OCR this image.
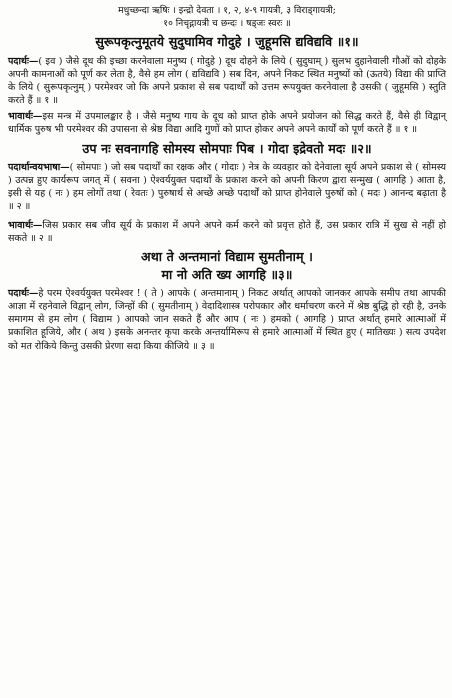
मधुच्छन्दा ऋषिः । इन्द्रो देवता । १, २, ४-९ गायत्री, ३ विराड्गायत्री;
१० निचृद्गायत्री च छन्दः । षड्जः स्वरः ॥
सुरूपकृत्नुमूतये सुदुघामिव गोदुहे । जुहूमसि द्यविद्यवि ॥१॥
पदार्थः—( इव ) जैसे दूध की इच्छा करनेवाला मनुष्य ( गोदुहे ) दूध दोहने के लिये ( सुदुघाम् ) सुलभ दुहानेवाली गौओं को दोहके अपनी कामनाओं को पूर्ण कर लेता है, वैसे हम लोग ( द्यविद्यवि ) सब दिन, अपने निकट स्थित मनुष्यों को (ऊतये) विद्या की प्राप्ति के लिये ( सुरूपकृत्नुम् ) परमेश्वर जो कि अपने प्रकाश से सब पदार्थों को उत्तम रूपयुक्त करनेवाला है उसकी ( जुहूमसि ) स्तुति करते हैं ॥ १ ॥
भावार्थः—इस मन्त्र में उपमालङ्कार है । जैसे मनुष्य गाय के दूध को प्राप्त होके अपने प्रयोजन को सिद्ध करते हैं, वैसे ही विद्वान् धार्मिक पुरुष भी परमेश्वर की उपासना से श्रेष्ठ विद्या आदि गुणों को प्राप्त होकर अपने अपने कार्यों को पूर्ण करते हैं ॥ १ ॥
उप नः सवनागहि सोमस्य सोमपाः पिब । गोदा इद्रेवतो मदः ॥२॥
पदार्थान्वयभाषा—( सोमपाः ) जो सब पदार्थों का रक्षक और ( गोदाः ) नेत्र के व्यवहार को देनेवाला सूर्य अपने प्रकाश से ( सोमस्य ) उत्पन्न हुए कार्यरूप जगत् में ( सवना ) ऐश्वर्ययुक्त पदार्थों के प्रकाश करने को अपनी किरण द्वारा सन्मुख ( आगहि ) आता है, इसी से यह ( नः ) हम लोगों तथा ( रेवतः ) पुरुषार्थ से अच्छे अच्छे पदार्थों को प्राप्त होनेवाले पुरुषों को ( मदः ) आनन्द बढ़ाता है ॥ २ ॥
भावार्थः—जिस प्रकार सब जीव सूर्य के प्रकाश में अपने अपने कर्म करने को प्रवृत्त होते हैं, उस प्रकार रात्रि में सुख से नहीं हो सकते ॥ २ ॥
अथा ते अन्तमानां विद्याम सुमतीनाम् ।
मा नो अति ख्य आगहि ॥३॥
पदार्थः—हे परम ऐश्वर्ययुक्त परमेश्वर ! ( ते ) आपके ( अन्तमानाम् ) निकट अर्थात् आपको जानकर आपके समीप तथा आपकी आज्ञा में रहनेवाले विद्वान् लोग, जिन्हों की ( सुमतीनाम् ) वेदादिशास्त्र परोपकार और धर्माचरण करने में श्रेष्ठ बुद्धि हो रही है, उनके समागम से हम लोग ( विद्याम ) आपको जान सकते हैं और आप ( नः ) हमको ( आगहि ) प्राप्त अर्थात् हमारे आत्माओं में प्रकाशित हूजिये, और ( अथ ) इसके अनन्तर कृपा करके अन्तर्यामिरूप से हमारे आत्माओं में स्थित हुए ( मातिख्यः ) सत्य उपदेश को मत रोकिये किन्तु उसकी प्रेरणा सदा किया कीजिये ॥ ३ ॥
